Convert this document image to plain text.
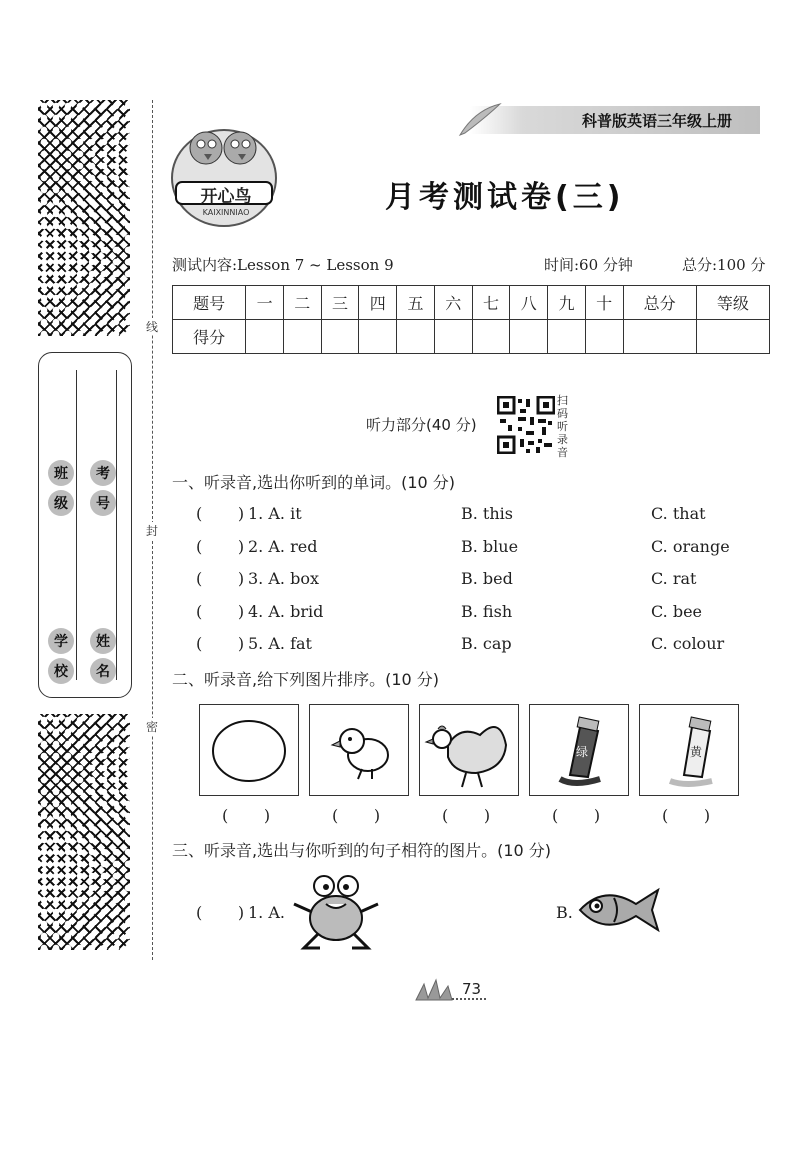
线
封
密
班
级
考
号
学
校
姓
名
科普版英语三年级上册
开心鸟
KAIXINNIAO	月考测试卷(三)
测试内容:Lesson 7 ~ Lesson 9	时间:60 分钟	总分:100 分
题号	一	二	三	四	五	六	七	八	九	十	总分	等级
得分												
听力部分(40 分)
扫码听录音
一、听录音,选出你听到的单词。(10 分)
(       ) 1. A. it	B. this	C. that
(       ) 2. A. red	B. blue	C. orange
(       ) 3. A. box	B. bed	C. rat
(       ) 4. A. brid	B. fish	C. bee
(       ) 5. A. fat	B. cap	C. colour
二、听录音,给下列图片排序。(10 分)
绿	黄
(       )	(       )	(       )	(       )	(       )
三、听录音,选出与你听到的句子相符的图片。(10 分)
(       ) 1. A.	B.
73
